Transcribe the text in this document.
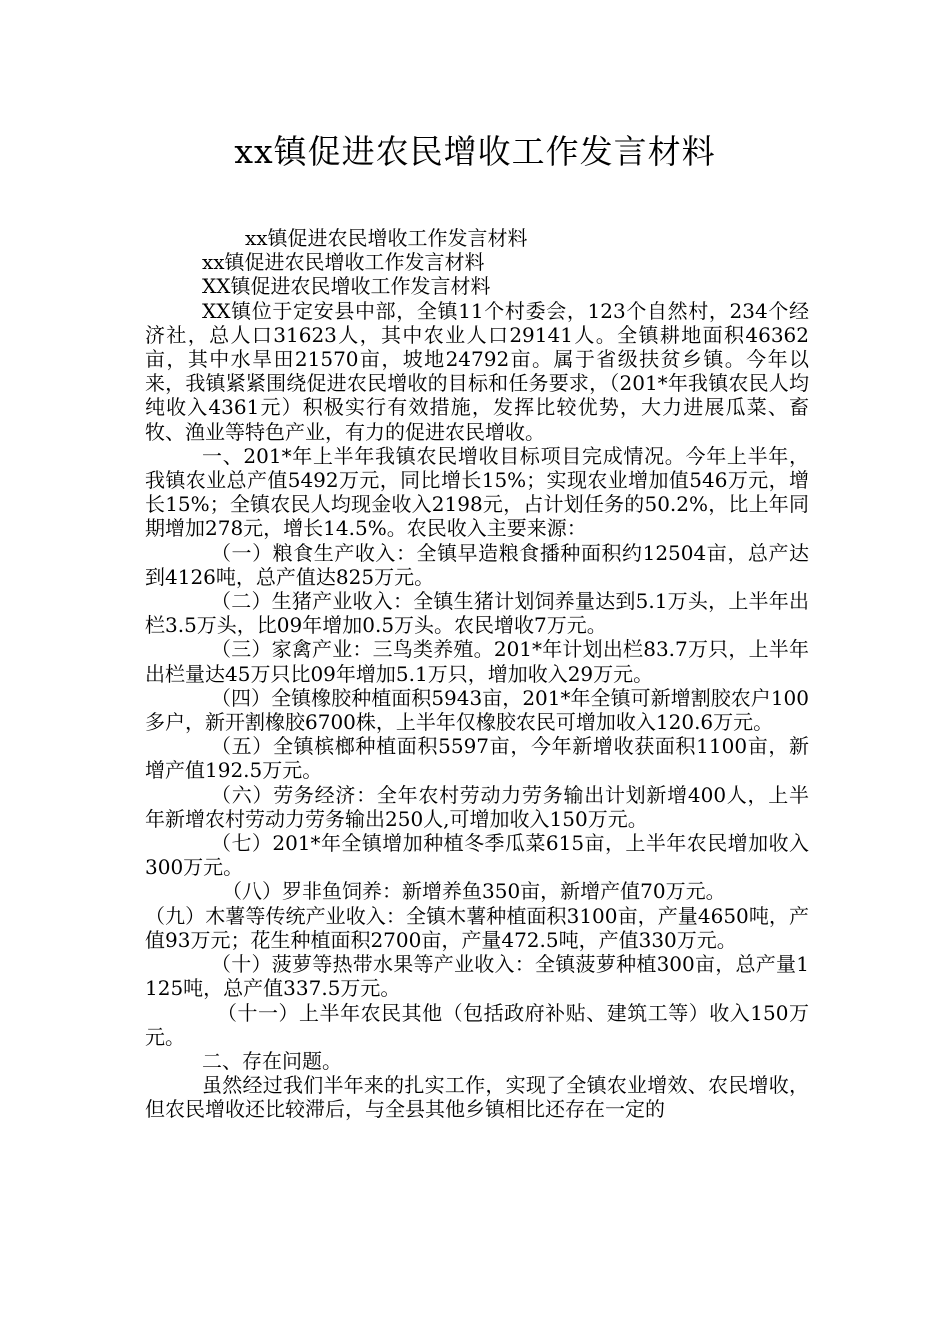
xx镇促进农民增收工作发言材料

xx镇促进农民增收工作发言材料

xx镇促进农民增收工作发言材料

XX镇促进农民增收工作发言材料

XX镇位于定安县中部，全镇11个村委会，123个自然村，234个经济社，总人口31623人，其中农业人口29141人。全镇耕地面积46362亩，其中水旱田21570亩，坡地24792亩。属于省级扶贫乡镇。今年以来，我镇紧紧围绕促进农民增收的目标和任务要求，（201*年我镇农民人均纯收入4361元）积极实行有效措施，发挥比较优势，大力进展瓜菜、畜牧、渔业等特色产业，有力的促进农民增收。

一、201*年上半年我镇农民增收目标项目完成情况。今年上半年，我镇农业总产值5492万元，同比增长15%；实现农业增加值546万元，增长15%；全镇农民人均现金收入2198元，占计划任务的50.2%，比上年同期增加278元，增长14.5%。农民收入主要来源：

（一）粮食生产收入：全镇早造粮食播种面积约12504亩，总产达到4126吨，总产值达825万元。

（二）生猪产业收入：全镇生猪计划饲养量达到5.1万头，上半年出栏3.5万头，比09年增加0.5万头。农民增收7万元。

（三）家禽产业：三鸟类养殖。201*年计划出栏83.7万只，上半年出栏量达45万只比09年增加5.1万只，增加收入29万元。

（四）全镇橡胶种植面积5943亩，201*年全镇可新增割胶农户100多户，新开割橡胶6700株，上半年仅橡胶农民可增加收入120.6万元。

（五）全镇槟榔种植面积5597亩，今年新增收获面积1100亩，新增产值192.5万元。

（六）劳务经济：全年农村劳动力劳务输出计划新增400人，上半年新增农村劳动力劳务输出250人,可增加收入150万元。

（七）201*年全镇增加种植冬季瓜菜615亩，上半年农民增加收入300万元。

（八）罗非鱼饲养：新增养鱼350亩，新增产值70万元。

（九）木薯等传统产业收入：全镇木薯种植面积3100亩，产量4650吨，产值93万元；花生种植面积2700亩，产量472.5吨，产值330万元。

（十）菠萝等热带水果等产业收入：全镇菠萝种植300亩，总产量1125吨，总产值337.5万元。

（十一）上半年农民其他（包括政府补贴、建筑工等）收入150万元。

二、存在问题。

虽然经过我们半年来的扎实工作，实现了全镇农业增效、农民增收，但农民增收还比较滞后，与全县其他乡镇相比还存在一定的
